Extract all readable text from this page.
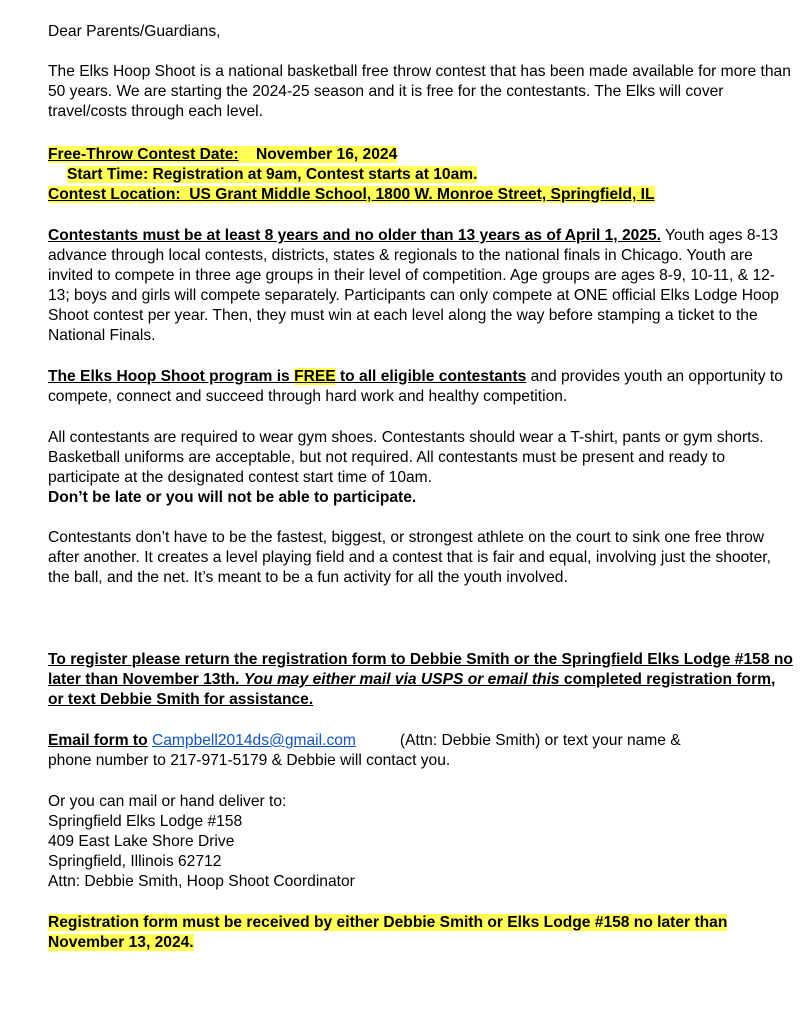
Dear Parents/Guardians,

The Elks Hoop Shoot is a national basketball free throw contest that has been made available for more than 50 years. We are starting the 2024-25 season and it is free for the contestants. The Elks will cover travel/costs through each level.

Free-Throw Contest Date: November 16, 2024
Start Time: Registration at 9am, Contest starts at 10am.
Contest Location: US Grant Middle School, 1800 W. Monroe Street, Springfield, IL

Contestants must be at least 8 years and no older than 13 years as of April 1, 2025. Youth ages 8-13 advance through local contests, districts, states & regionals to the national finals in Chicago. Youth are invited to compete in three age groups in their level of competition. Age groups are ages 8-9, 10-11, & 12-13; boys and girls will compete separately. Participants can only compete at ONE official Elks Lodge Hoop Shoot contest per year. Then, they must win at each level along the way before stamping a ticket to the National Finals.

The Elks Hoop Shoot program is FREE to all eligible contestants and provides youth an opportunity to compete, connect and succeed through hard work and healthy competition.

All contestants are required to wear gym shoes. Contestants should wear a T-shirt, pants or gym shorts. Basketball uniforms are acceptable, but not required. All contestants must be present and ready to participate at the designated contest start time of 10am.
Don’t be late or you will not be able to participate.

Contestants don’t have to be the fastest, biggest, or strongest athlete on the court to sink one free throw after another. It creates a level playing field and a contest that is fair and equal, involving just the shooter, the ball, and the net. It’s meant to be a fun activity for all the youth involved.

To register please return the registration form to Debbie Smith or the Springfield Elks Lodge #158 no later than November 13th. You may either mail via USPS or email this completed registration form, or text Debbie Smith for assistance.

Email form to Campbell2014ds@gmail.com	(Attn: Debbie Smith) or text your name &
phone number to 217-971-5179 & Debbie will contact you.

Or you can mail or hand deliver to:
Springfield Elks Lodge #158
409 East Lake Shore Drive
Springfield, Illinois 62712
Attn: Debbie Smith, Hoop Shoot Coordinator

Registration form must be received by either Debbie Smith or Elks Lodge #158 no later than November 13, 2024.
